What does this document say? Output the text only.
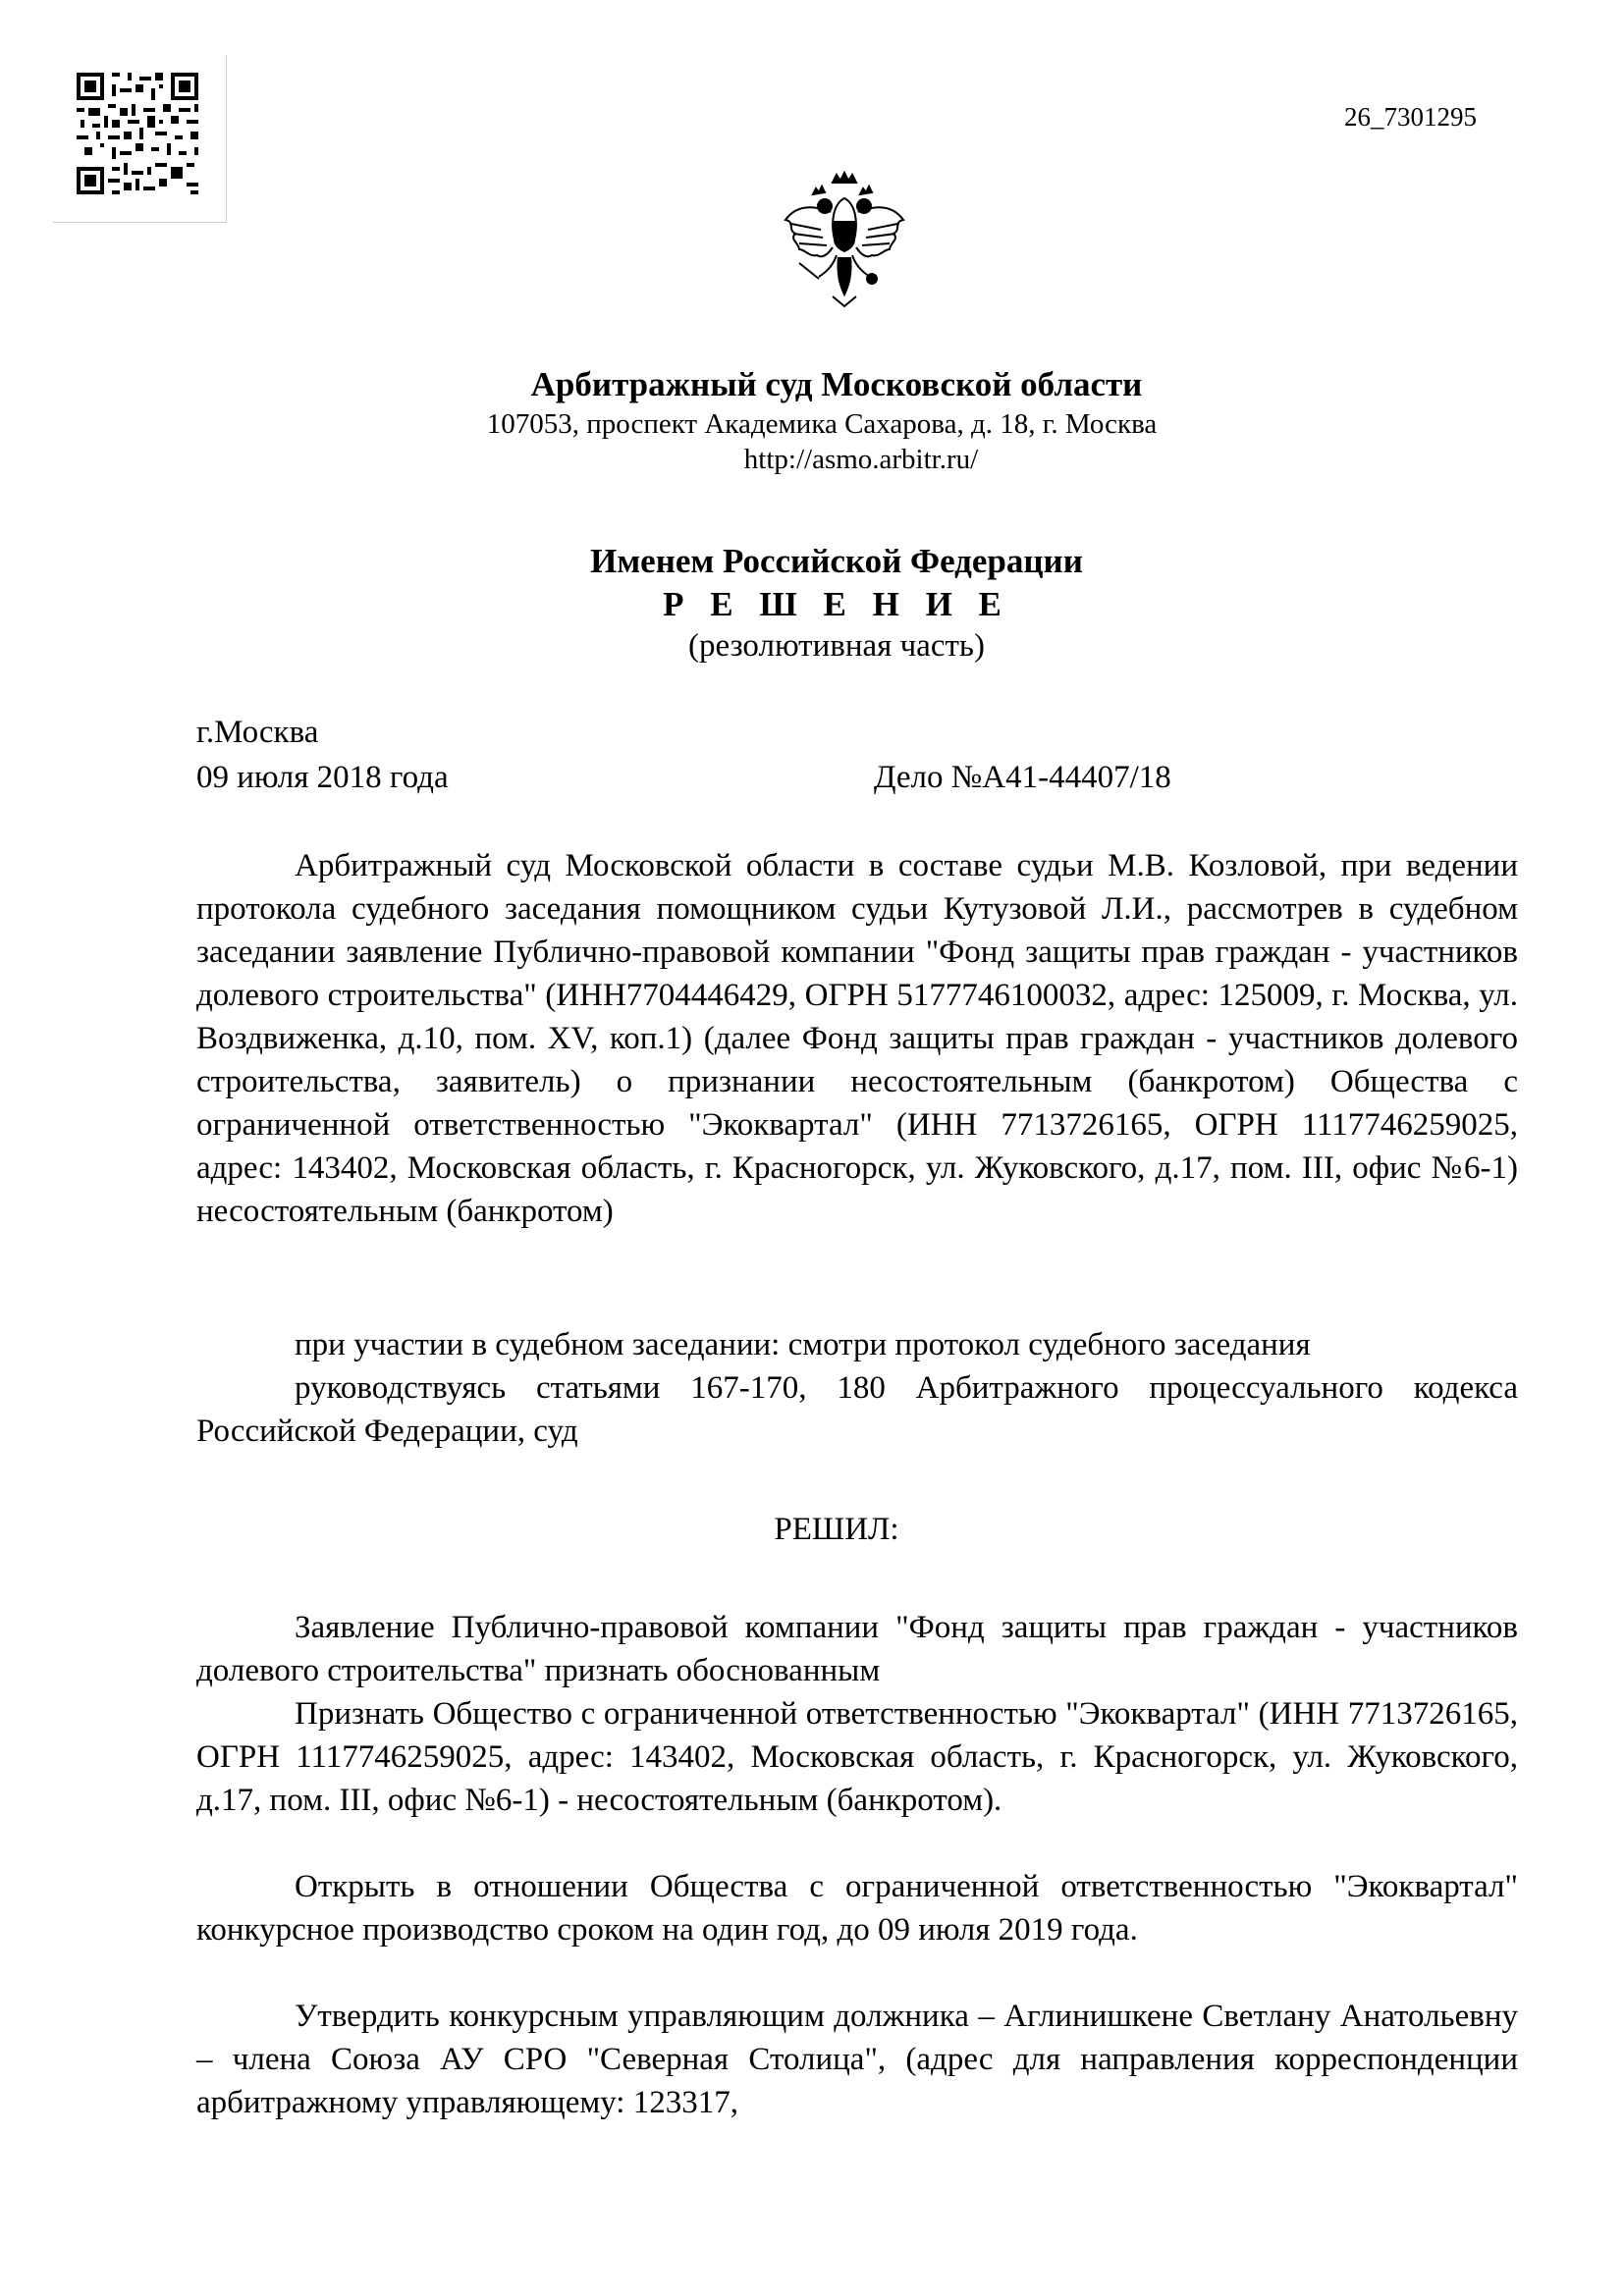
26_7301295
Арбитражный суд Московской области
107053, проспект Академика Сахарова, д. 18, г. Москва
http://asmo.arbitr.ru/
Именем Российской Федерации
Р Е Ш Е Н И Е
(резолютивная часть)
г.Москва
09 июля 2018 года	Дело №А41-44407/18
Арбитражный суд Московской области в составе судьи М.В. Козловой, при ведении протокола судебного заседания помощником судьи Кутузовой Л.И., рассмотрев в судебном заседании заявление Публично-правовой компании "Фонд защиты прав граждан - участников долевого строительства" (ИНН7704446429, ОГРН 5177746100032, адрес: 125009, г. Москва, ул. Воздвиженка, д.10, пом. XV, коп.1) (далее Фонд защиты прав граждан - участников долевого строительства, заявитель) о признании несостоятельным (банкротом) Общества с ограниченной ответственностью "Экоквартал" (ИНН 7713726165, ОГРН 1117746259025, адрес: 143402, Московская область, г. Красногорск, ул. Жуковского, д.17, пом. III, офис №6-1) несостоятельным (банкротом)
при участии в судебном заседании: смотри протокол судебного заседания
руководствуясь статьями 167-170, 180 Арбитражного процессуального кодекса Российской Федерации, суд
РЕШИЛ:
Заявление Публично-правовой компании "Фонд защиты прав граждан - участников долевого строительства" признать обоснованным
Признать Общество с ограниченной ответственностью "Экоквартал" (ИНН 7713726165, ОГРН 1117746259025, адрес: 143402, Московская область, г. Красногорск, ул. Жуковского, д.17, пом. III, офис №6-1) - несостоятельным (банкротом).
Открыть в отношении Общества с ограниченной ответственностью "Экоквартал" конкурсное производство сроком на один год, до 09 июля 2019 года.
Утвердить конкурсным управляющим должника – Аглинишкене Светлану Анатольевну – члена Союза АУ СРО "Северная Столица", (адрес для направления корреспонденции арбитражному управляющему: 123317,
